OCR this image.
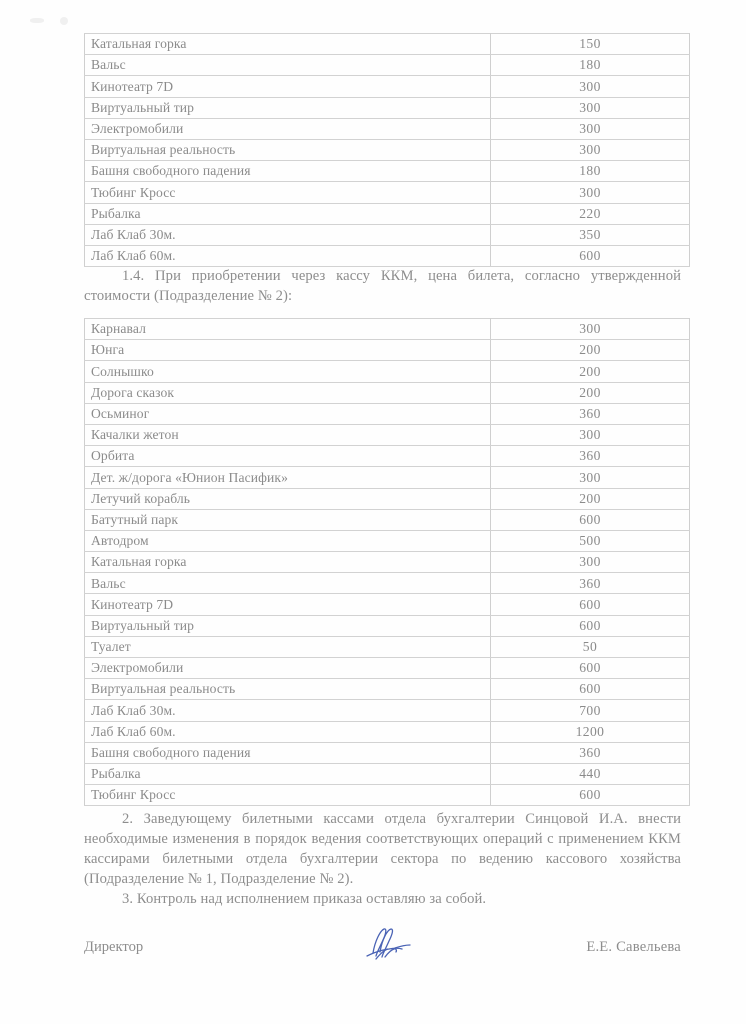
Катальная горка	150
Вальс	180
Кинотеатр 7D	300
Виртуальный тир	300
Электромобили	300
Виртуальная реальность	300
Башня свободного падения	180
Тюбинг Кросс	300
Рыбалка	220
Лаб Клаб 30м.	350
Лаб Клаб 60м.	600
1.4. При приобретении через кассу ККМ, цена билета, согласно утвержденной стоимости (Подразделение № 2):
Карнавал	300
Юнга	200
Солнышко	200
Дорога сказок	200
Осьминог	360
Качалки жетон	300
Орбита	360
Дет. ж/дорога «Юнион Пасифик»	300
Летучий корабль	200
Батутный парк	600
Автодром	500
Катальная горка	300
Вальс	360
Кинотеатр 7D	600
Виртуальный тир	600
Туалет	50
Электромобили	600
Виртуальная реальность	600
Лаб Клаб 30м.	700
Лаб Клаб 60м.	1200
Башня свободного падения	360
Рыбалка	440
Тюбинг Кросс	600
2. Заведующему билетными кассами отдела бухгалтерии Синцовой И.А. внести необходимые изменения в порядок ведения соответствующих операций с применением ККМ кассирами билетными отдела бухгалтерии сектора по ведению кассового хозяйства (Подразделение № 1, Подразделение № 2).
3. Контроль над исполнением приказа оставляю за собой.
Директор	Е.Е. Савельева
